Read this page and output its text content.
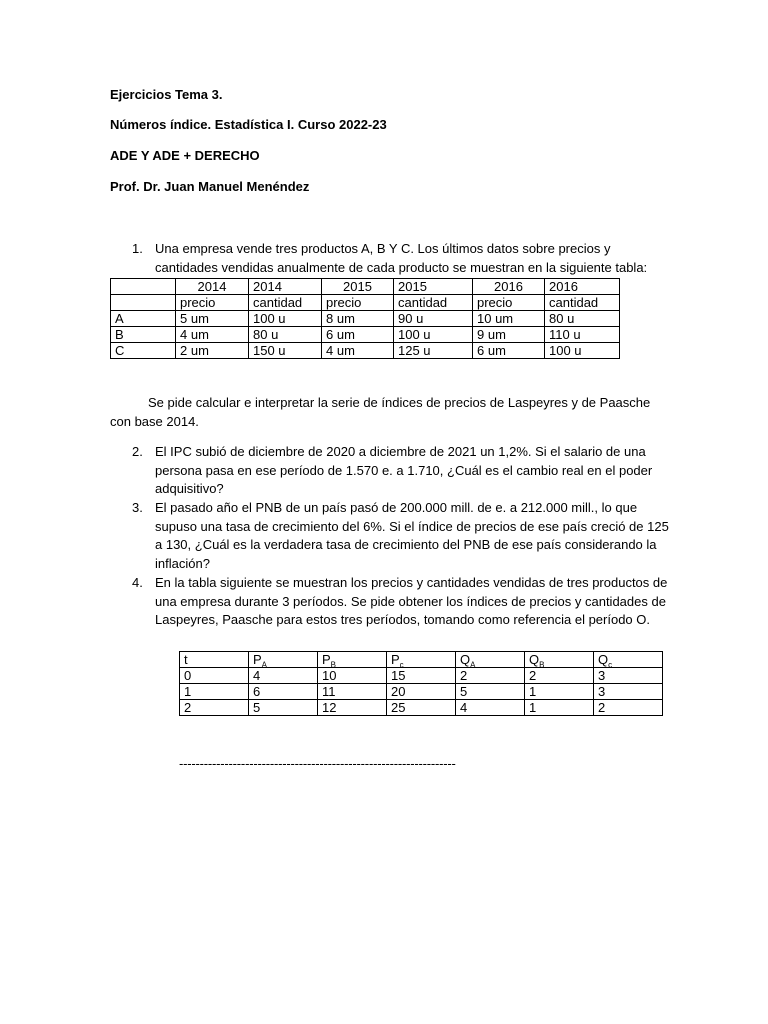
Ejercicios Tema 3.
Números índice. Estadística I. Curso 2022-23
ADE Y ADE + DERECHO
Prof. Dr. Juan Manuel Menéndez
1. Una empresa vende tres productos A, B Y C. Los últimos datos sobre precios y cantidades vendidas anualmente de cada producto se muestran en la siguiente tabla:
	2014	2014	2015	2015	2016	2016
	precio	cantidad	precio	cantidad	precio	cantidad
A	5 um	100 u	8 um	90 u	10 um	80 u
B	4 um	80 u	6 um	100 u	9 um	110 u
C	2 um	150 u	4 um	125 u	6 um	100 u
Se pide calcular e interpretar la serie de índices de precios de Laspeyres y de Paasche con base 2014.
2. El IPC subió de diciembre de 2020 a diciembre de 2021 un 1,2%. Si el salario de una persona pasa en ese período de 1.570 e. a 1.710, ¿Cuál es el cambio real en el poder adquisitivo?
3. El pasado año el PNB de un país pasó de 200.000 mill. de e. a 212.000 mill., lo que supuso una tasa de crecimiento del 6%. Si el índice de precios de ese país creció de 125 a 130, ¿Cuál es la verdadera tasa de crecimiento del PNB de ese país considerando la inflación?
4. En la tabla siguiente se muestran los precios y cantidades vendidas de tres productos de una empresa durante 3 períodos. Se pide obtener los índices de precios y cantidades de Laspeyres, Paasche para estos tres períodos, tomando como referencia el período O.
t	$P_A$	$P_B$	$P_c$	$Q_A$	$Q_B$	$Q_c$
0	4	10	15	2	2	3
1	6	11	20	5	1	3
2	5	12	25	4	1	2
-------------------------------------------------------------------
